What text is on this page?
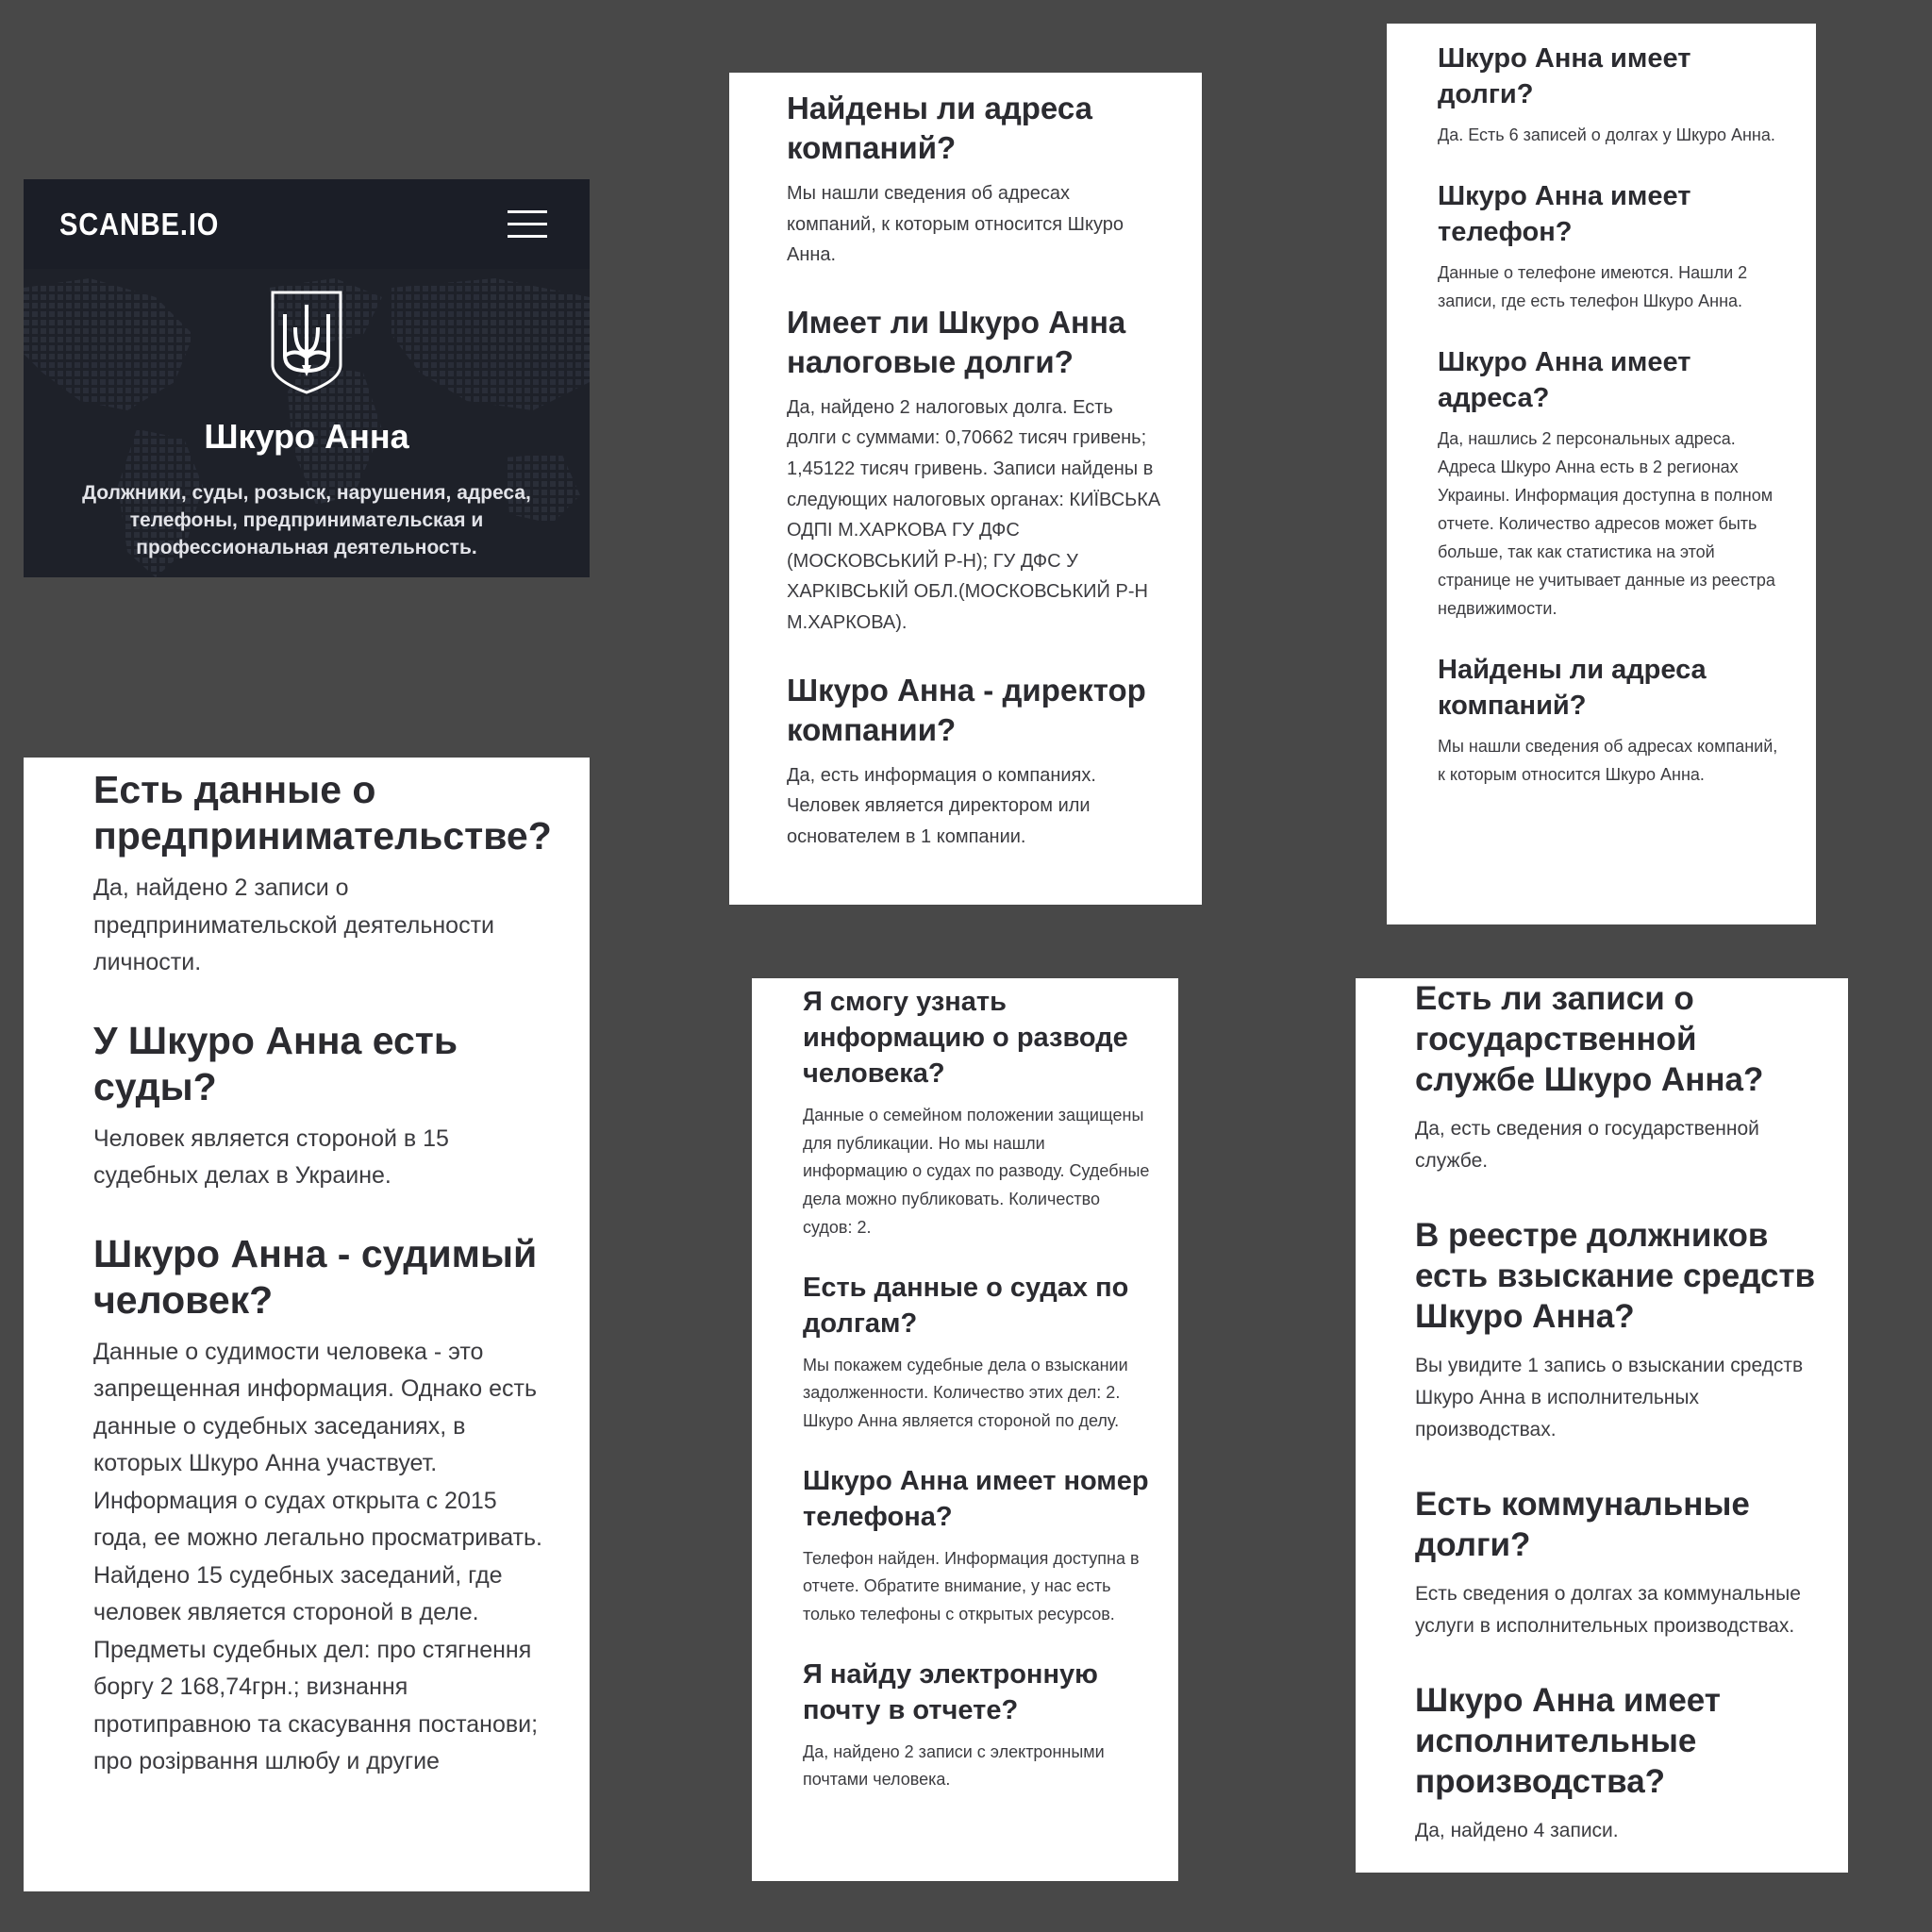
SCANBE.IO
Шкуро Анна
Должники, суды, розыск, нарушения, адреса, телефоны, предпринимательская и профессиональная деятельность.
Есть данные о предпринимательстве?

Да, найдено 2 записи о предпринимательской деятельности личности.

У Шкуро Анна есть суды?

Человек является стороной в 15 судебных делах в Украине.

Шкуро Анна - судимый человек?

Данные о судимости человека - это запрещенная информация. Однако есть данные о судебных заседаниях, в которых Шкуро Анна участвует. Информация о судах открыта с 2015 года, ее можно легально просматривать. Найдено 15 судебных заседаний, где человек является стороной в деле. Предметы судебных дел: про стягнення боргу 2 168,74грн.; визнання протиправною та скасування постанови; про розірвання шлюбу и другие

Найдены ли адреса компаний?

Мы нашли сведения об адресах компаний, к которым относится Шкуро Анна.

Имеет ли Шкуро Анна налоговые долги?

Да, найдено 2 налоговых долга. Есть долги с суммами: 0,70662 тисяч гривень; 1,45122 тисяч гривень. Записи найдены в следующих налоговых органах: КИЇВСЬКА ОДПІ М.ХАРКОВА ГУ ДФС (МОСКОВСЬКИЙ Р-Н); ГУ ДФС У ХАРКІВСЬКІЙ ОБЛ.(МОСКОВСЬКИЙ Р-Н М.ХАРКОВА).

Шкуро Анна - директор компании?

Да, есть информация о компаниях. Человек является директором или основателем в 1 компании.

Шкуро Анна имеет долги?

Да. Есть 6 записей о долгах у Шкуро Анна.

Шкуро Анна имеет телефон?

Данные о телефоне имеются. Нашли 2 записи, где есть телефон Шкуро Анна.

Шкуро Анна имеет адреса?

Да, нашлись 2 персональных адреса. Адреса Шкуро Анна есть в 2 регионах Украины. Информация доступна в полном отчете. Количество адресов может быть больше, так как статистика на этой странице не учитывает данные из реестра недвижимости.

Найдены ли адреса компаний?

Мы нашли сведения об адресах компаний, к которым относится Шкуро Анна.

Я смогу узнать информацию о разводе человека?

Данные о семейном положении защищены для публикации. Но мы нашли информацию о судах по разводу. Судебные дела можно публиковать. Количество судов: 2.

Есть данные о судах по долгам?

Мы покажем судебные дела о взыскании задолженности. Количество этих дел: 2. Шкуро Анна является стороной по делу.

Шкуро Анна имеет номер телефона?

Телефон найден. Информация доступна в отчете. Обратите внимание, у нас есть только телефоны с открытых ресурсов.

Я найду электронную почту в отчете?

Да, найдено 2 записи с электронными почтами человека.

Есть ли записи о государственной службе Шкуро Анна?

Да, есть сведения о государственной службе.

В реестре должников есть взыскание средств Шкуро Анна?

Вы увидите 1 запись о взыскании средств Шкуро Анна в исполнительных производствах.

Есть коммунальные долги?

Есть сведения о долгах за коммунальные услуги в исполнительных производствах.

Шкуро Анна имеет исполнительные производства?

Да, найдено 4 записи.
